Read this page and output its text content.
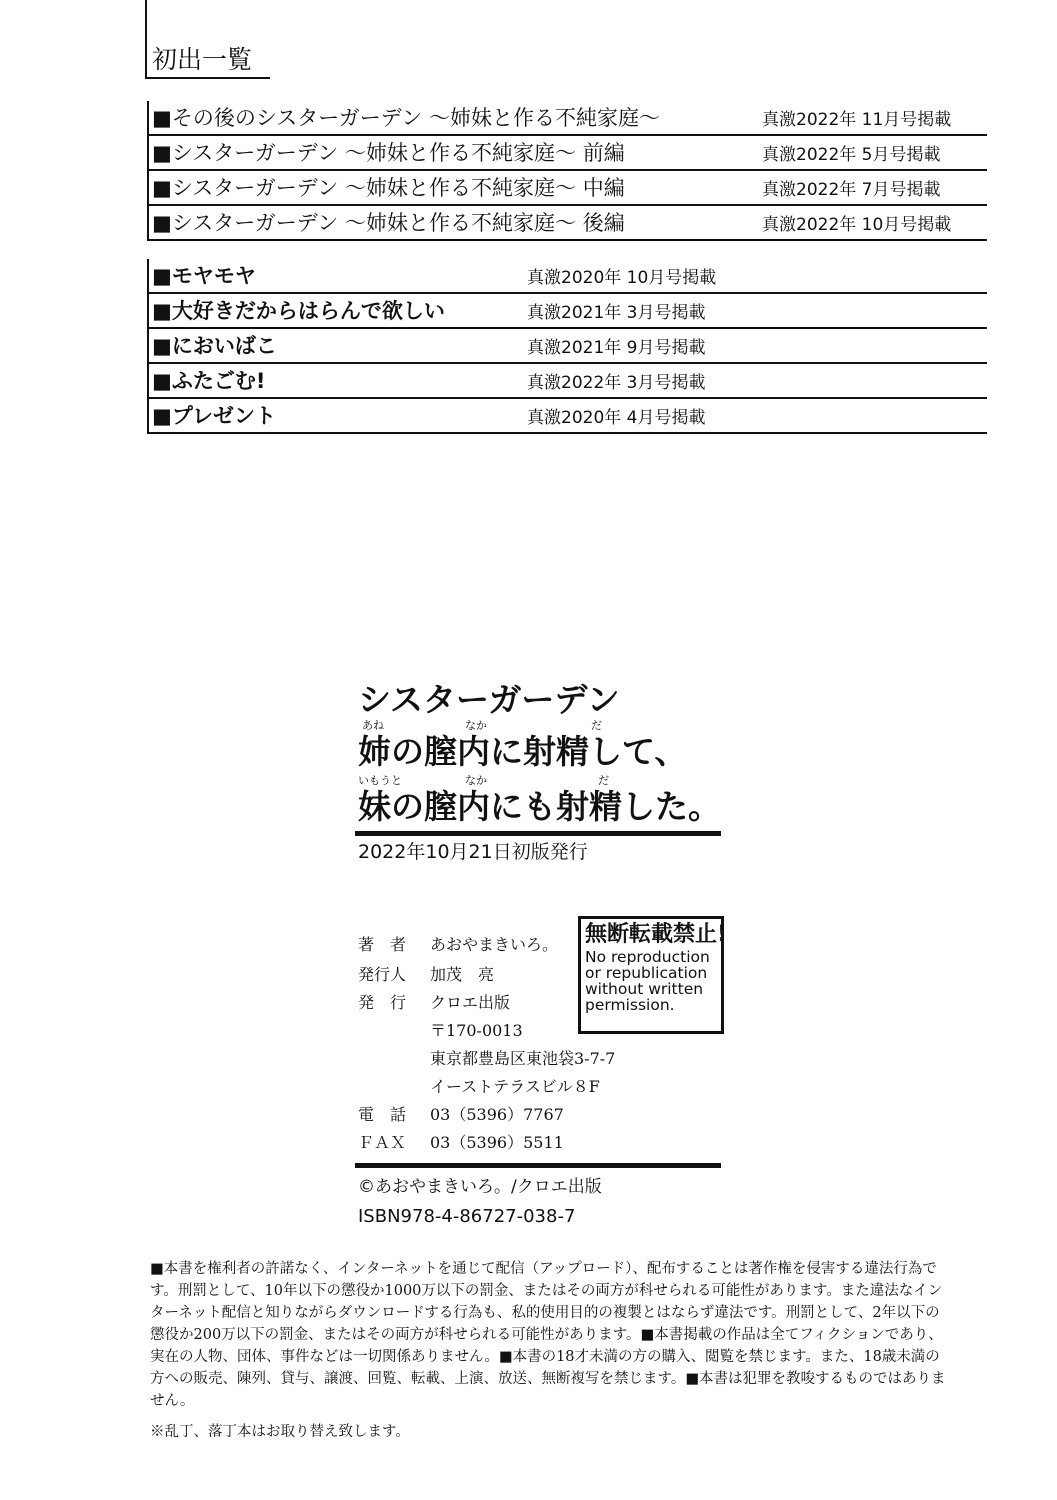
初出一覧
■その後のシスターガーデン 〜姉妹と作る不純家庭〜	真激2022年 11月号掲載
■シスターガーデン 〜姉妹と作る不純家庭〜 前編	真激2022年 5月号掲載
■シスターガーデン 〜姉妹と作る不純家庭〜 中編	真激2022年 7月号掲載
■シスターガーデン 〜姉妹と作る不純家庭〜 後編	真激2022年 10月号掲載
■モヤモヤ	真激2020年 10月号掲載
■大好きだからはらんで欲しい	真激2021年 3月号掲載
■においばこ	真激2021年 9月号掲載
■ふたごむ!	真激2022年 3月号掲載
■プレゼント	真激2020年 4月号掲載
シスターガーデン
あね	なか	だ
姉の膣内に射精して、
いもうと	なか	だ
妹の膣内にも射精した。
2022年10月21日初版発行
著　者 あおやまきいろ。
発行人 加茂　亮
発　行 クロエ出版
〒170-0013
東京都豊島区東池袋3-7-7
イーストテラスビル８F
電　話 03（5396）7767
ＦＡＸ 03（5396）5511
無断転載禁止!
No reproduction or republication without written permission.
©あおやまきいろ。/クロエ出版
ISBN978-4-86727-038-7
■本書を権利者の許諾なく、インターネットを通じて配信（アップロード）、配布することは著作権を侵害する違法行為です。刑罰として、10年以下の懲役か1000万以下の罰金、またはその両方が科せられる可能性があります。また違法なインターネット配信と知りながらダウンロードする行為も、私的使用目的の複製とはならず違法です。刑罰として、2年以下の懲役か200万以下の罰金、またはその両方が科せられる可能性があります。■本書掲載の作品は全てフィクションであり、実在の人物、団体、事件などは一切関係ありません。■本書の18才未満の方の購入、閲覧を禁じます。また、18歳未満の方への販売、陳列、貸与、譲渡、回覧、転載、上演、放送、無断複写を禁じます。■本書は犯罪を教唆するものではありません。
※乱丁、落丁本はお取り替え致します。
